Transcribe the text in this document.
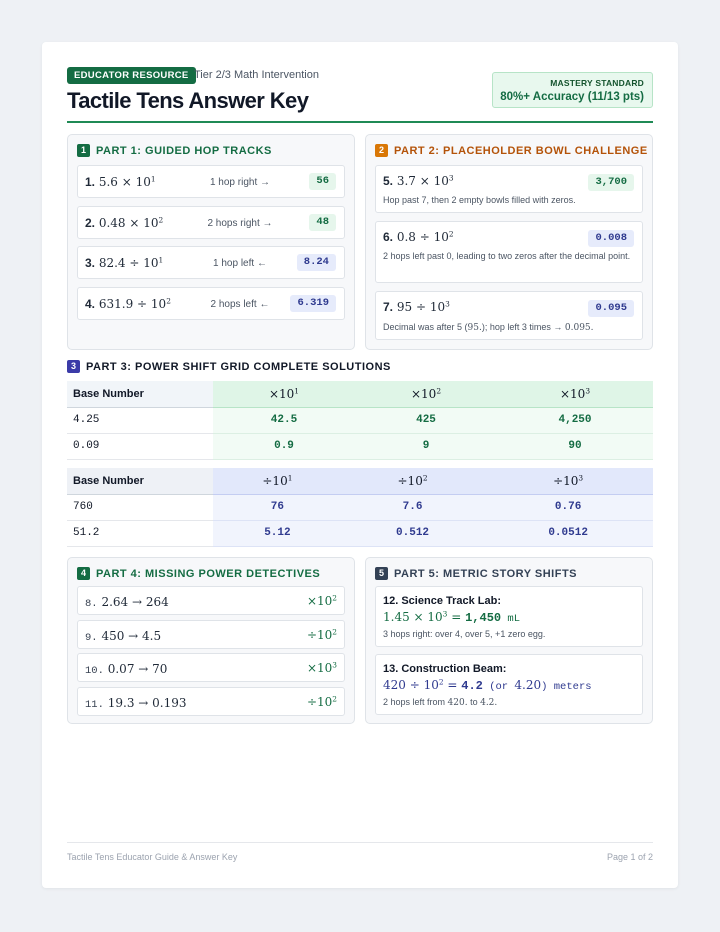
EDUCATOR RESOURCE Tier 2/3 Math Intervention
Tactile Tens Answer Key
MASTERY STANDARD
80%+ Accuracy (11/13 pts)
1 PART 1: GUIDED HOP TRACKS
1. $5.6 \times 10^1$	1 hop right →	56
2. $0.48 \times 10^2$	2 hops right →	48
3. $82.4 \div 10^1$	1 hop left ←	8.24
4. $631.9 \div 10^2$	2 hops left ←	6.319
2 PART 2: PLACEHOLDER BOWL CHALLENGE
5. $3.7 \times 10^3$	3,700
Hop past 7, then 2 empty bowls filled with zeros.
6. $0.8 \div 10^2$	0.008
2 hops left past 0, leading to two zeros after the decimal point.
7. $95 \div 10^3$	0.095
Decimal was after 5 (95.); hop left 3 times → 0.095.
3 PART 3: POWER SHIFT GRID COMPLETE SOLUTIONS
Base Number	$\times 10^1$	$\times 10^2$	$\times 10^3$
4.25	42.5	425	4,250
0.09	0.9	9	90
Base Number	$\div 10^1$	$\div 10^2$	$\div 10^3$
760	76	7.6	0.76
51.2	5.12	0.512	0.0512
4 PART 4: MISSING POWER DETECTIVES
8. 2.64 → 264	$\times 10^2$
9. 450 → 4.5	$\div 10^2$
10. 0.07 → 70	$\times 10^3$
11. 19.3 → 0.193	$\div 10^2$
5 PART 5: METRIC STORY SHIFTS
12. Science Track Lab:
$1.45 \times 10^3 = 1,450$ mL
3 hops right: over 4, over 5, +1 zero egg.
13. Construction Beam:
$420 \div 10^2 = 4.2$ (or 4.20) meters
2 hops left from 420. to 4.2.
Tactile Tens Educator Guide & Answer Key	Page 1 of 2
